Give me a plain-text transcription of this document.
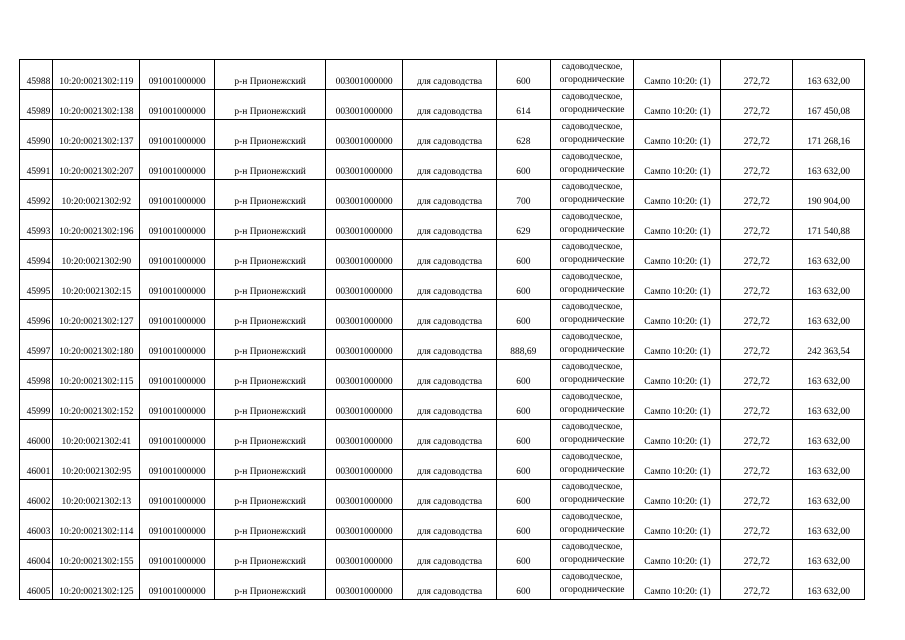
45988	10:20:0021302:119	091001000000	р-н Прионежский	003001000000	для садоводства	600	садоводческое,
огороднические	Сампо 10:20: (1)	272,72	163 632,00
45989	10:20:0021302:138	091001000000	р-н Прионежский	003001000000	для садоводства	614	садоводческое,
огороднические	Сампо 10:20: (1)	272,72	167 450,08
45990	10:20:0021302:137	091001000000	р-н Прионежский	003001000000	для садоводства	628	садоводческое,
огороднические	Сампо 10:20: (1)	272,72	171 268,16
45991	10:20:0021302:207	091001000000	р-н Прионежский	003001000000	для садоводства	600	садоводческое,
огороднические	Сампо 10:20: (1)	272,72	163 632,00
45992	10:20:0021302:92	091001000000	р-н Прионежский	003001000000	для садоводства	700	садоводческое,
огороднические	Сампо 10:20: (1)	272,72	190 904,00
45993	10:20:0021302:196	091001000000	р-н Прионежский	003001000000	для садоводства	629	садоводческое,
огороднические	Сампо 10:20: (1)	272,72	171 540,88
45994	10:20:0021302:90	091001000000	р-н Прионежский	003001000000	для садоводства	600	садоводческое,
огороднические	Сампо 10:20: (1)	272,72	163 632,00
45995	10:20:0021302:15	091001000000	р-н Прионежский	003001000000	для садоводства	600	садоводческое,
огороднические	Сампо 10:20: (1)	272,72	163 632,00
45996	10:20:0021302:127	091001000000	р-н Прионежский	003001000000	для садоводства	600	садоводческое,
огороднические	Сампо 10:20: (1)	272,72	163 632,00
45997	10:20:0021302:180	091001000000	р-н Прионежский	003001000000	для садоводства	888,69	садоводческое,
огороднические	Сампо 10:20: (1)	272,72	242 363,54
45998	10:20:0021302:115	091001000000	р-н Прионежский	003001000000	для садоводства	600	садоводческое,
огороднические	Сампо 10:20: (1)	272,72	163 632,00
45999	10:20:0021302:152	091001000000	р-н Прионежский	003001000000	для садоводства	600	садоводческое,
огороднические	Сампо 10:20: (1)	272,72	163 632,00
46000	10:20:0021302:41	091001000000	р-н Прионежский	003001000000	для садоводства	600	садоводческое,
огороднические	Сампо 10:20: (1)	272,72	163 632,00
46001	10:20:0021302:95	091001000000	р-н Прионежский	003001000000	для садоводства	600	садоводческое,
огороднические	Сампо 10:20: (1)	272,72	163 632,00
46002	10:20:0021302:13	091001000000	р-н Прионежский	003001000000	для садоводства	600	садоводческое,
огороднические	Сампо 10:20: (1)	272,72	163 632,00
46003	10:20:0021302:114	091001000000	р-н Прионежский	003001000000	для садоводства	600	садоводческое,
огороднические	Сампо 10:20: (1)	272,72	163 632,00
46004	10:20:0021302:155	091001000000	р-н Прионежский	003001000000	для садоводства	600	садоводческое,
огороднические	Сампо 10:20: (1)	272,72	163 632,00
46005	10:20:0021302:125	091001000000	р-н Прионежский	003001000000	для садоводства	600	садоводческое,
огороднические	Сампо 10:20: (1)	272,72	163 632,00
